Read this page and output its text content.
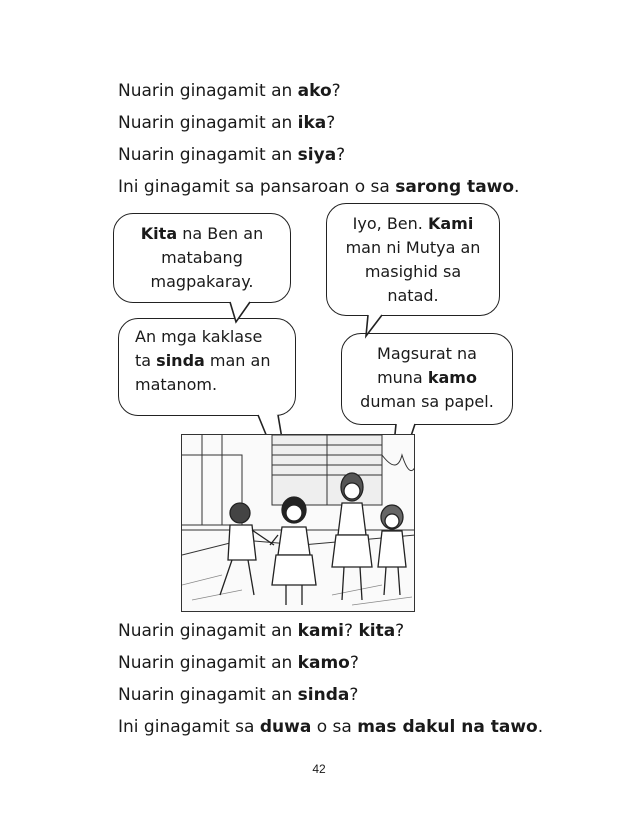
Nuarin ginagamit an ako?
Nuarin ginagamit an ika?
Nuarin ginagamit an siya?
Ini ginagamit sa pansaroan o sa sarong tawo.
Kita na Ben an matabang magpakaray.
Iyo, Ben. Kami man ni Mutya an masighid sa natad.
An mga kaklase ta sinda man an matanom.
Magsurat na muna kamo duman sa papel.
Nuarin ginagamit an kami? kita?
Nuarin ginagamit an kamo?
Nuarin ginagamit an sinda?
Ini ginagamit sa duwa o sa mas dakul na tawo.
42
